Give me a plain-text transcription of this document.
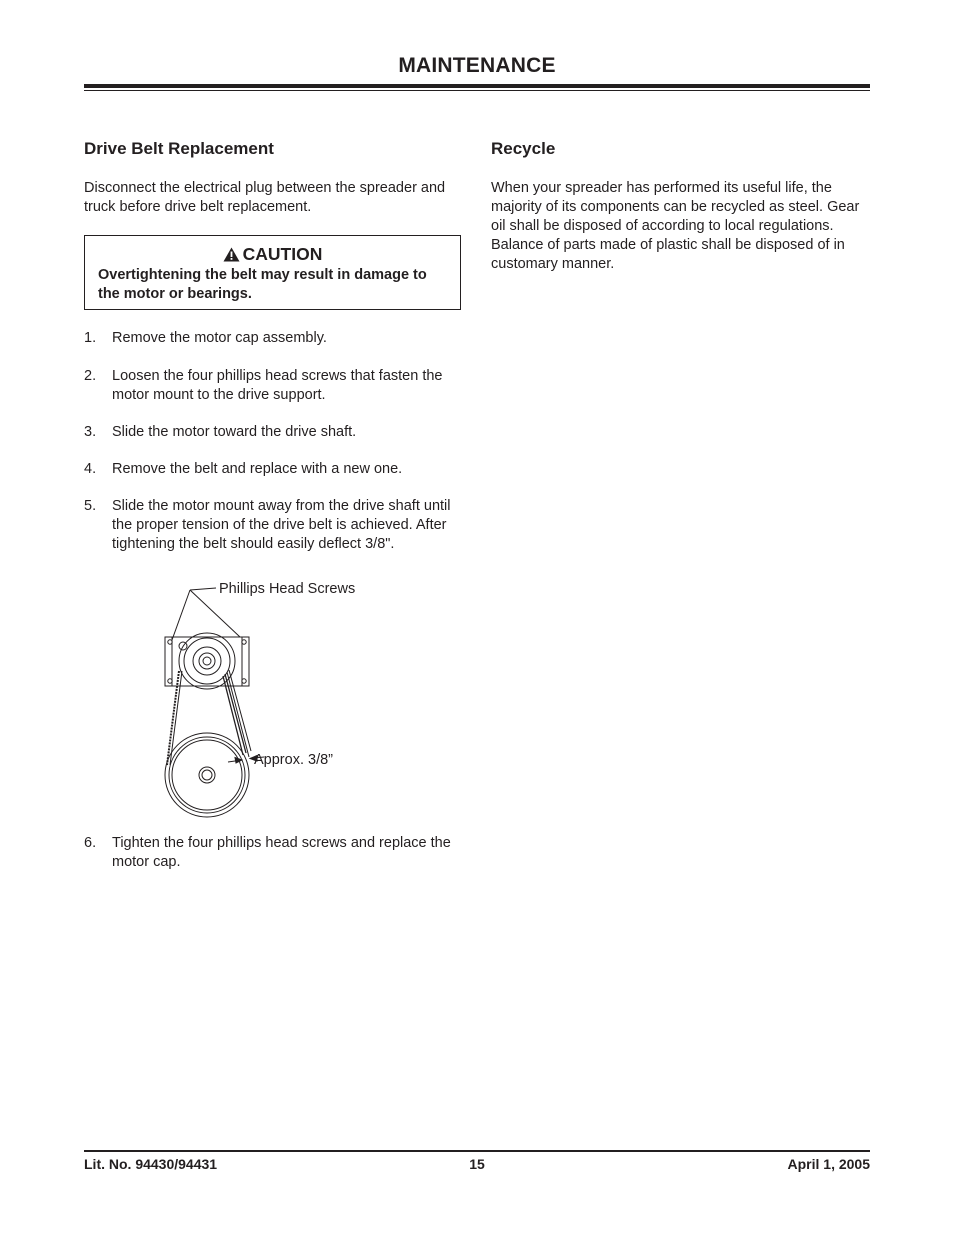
MAINTENANCE
Drive Belt Replacement

Disconnect the electrical plug between the spreader and truck before drive belt replacement.

CAUTION
Overtightening the belt may result in damage to the motor or bearings.
1. Remove the motor cap assembly.
2. Loosen the four phillips head screws that fasten the motor mount to the drive support.
3. Slide the motor toward the drive shaft.
4. Remove the belt and replace with a new one.
5. Slide the motor mount away from the drive shaft until the proper tension of the drive belt is achieved. After tightening the belt should easily deflect 3/8".
6. Tighten the four phillips head screws and replace the motor cap.
Phillips Head Screws
Approx. 3/8”
Recycle

When your spreader has performed its useful life, the majority of its components can be recycled as steel. Gear oil shall be disposed of according to local regulations. Balance of parts made of plastic shall be disposed of in customary manner.

Lit. No. 94430/94431	15	April 1, 2005
